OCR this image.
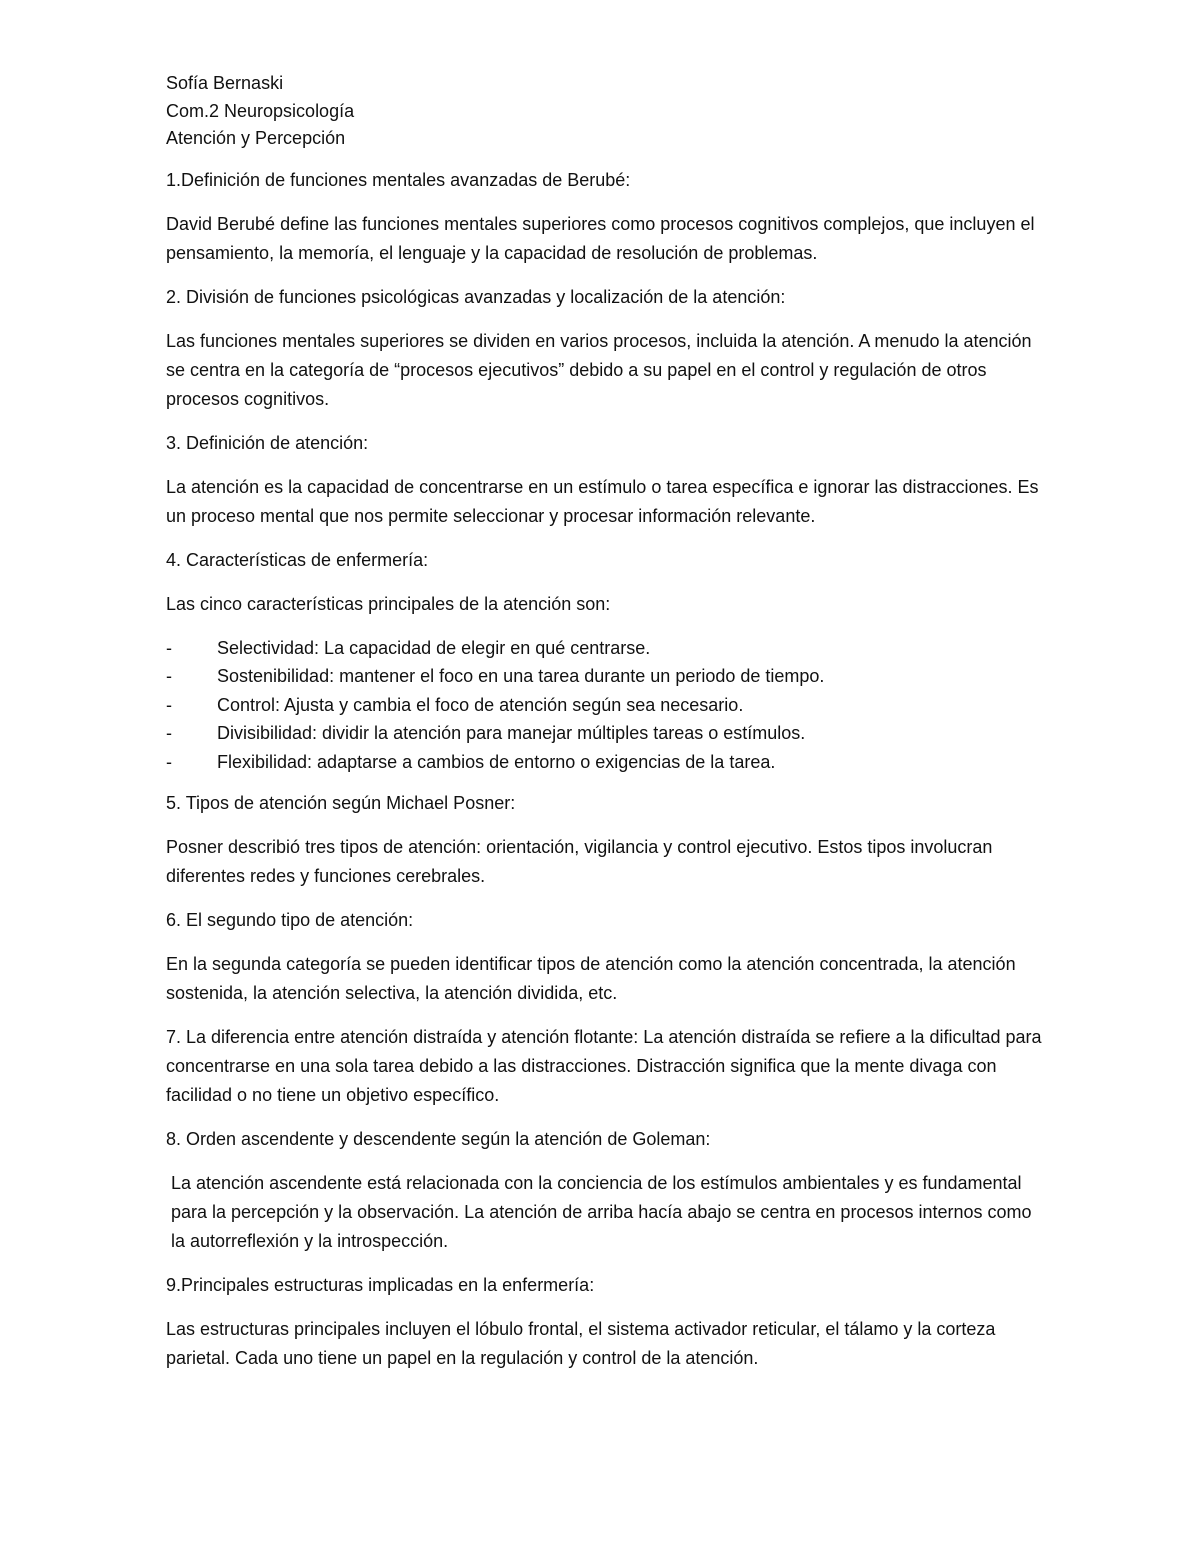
Sofía Bernaski
Com.2 Neuropsicología
Atención y Percepción

1.Definición de funciones mentales avanzadas de Berubé:

David Berubé define las funciones mentales superiores como procesos cognitivos complejos, que incluyen el pensamiento, la memoría, el lenguaje y la capacidad de resolución de problemas.

2. División de funciones psicológicas avanzadas y localización de la atención:

Las funciones mentales superiores se dividen en varios procesos, incluida la atención. A menudo la atención se centra en la categoría de “procesos ejecutivos” debido a su papel en el control y regulación de otros procesos cognitivos.

3. Definición de atención:

La atención es la capacidad de concentrarse en un estímulo o tarea específica e ignorar las distracciones. Es un proceso mental que nos permite seleccionar y procesar información relevante.

4. Características de enfermería:

Las cinco características principales de la atención son:

-	Selectividad: La capacidad de elegir en qué centrarse.
-	Sostenibilidad: mantener el foco en una tarea durante un periodo de tiempo.
-	Control: Ajusta y cambia el foco de atención según sea necesario.
-	Divisibilidad: dividir la atención para manejar múltiples tareas o estímulos.
-	Flexibilidad: adaptarse a cambios de entorno o exigencias de la tarea.

5. Tipos de atención según Michael Posner:

Posner describió tres tipos de atención: orientación, vigilancia y control ejecutivo. Estos tipos involucran diferentes redes y funciones cerebrales.

6. El segundo tipo de atención:

En la segunda categoría se pueden identificar tipos de atención como la atención concentrada, la atención sostenida, la atención selectiva, la atención dividida, etc.

7. La diferencia entre atención distraída y atención flotante: La atención distraída se refiere a la dificultad para concentrarse en una sola tarea debido a las distracciones. Distracción significa que la mente divaga con facilidad o no tiene un objetivo específico.

8. Orden ascendente y descendente según la atención de Goleman:

La atención ascendente está relacionada con la conciencia de los estímulos ambientales y es fundamental para la percepción y la observación. La atención de arriba hacía abajo se centra en procesos internos como la autorreflexión y la introspección.

9.Principales estructuras implicadas en la enfermería:

Las estructuras principales incluyen el lóbulo frontal, el sistema activador reticular, el tálamo y la corteza parietal. Cada uno tiene un papel en la regulación y control de la atención.
